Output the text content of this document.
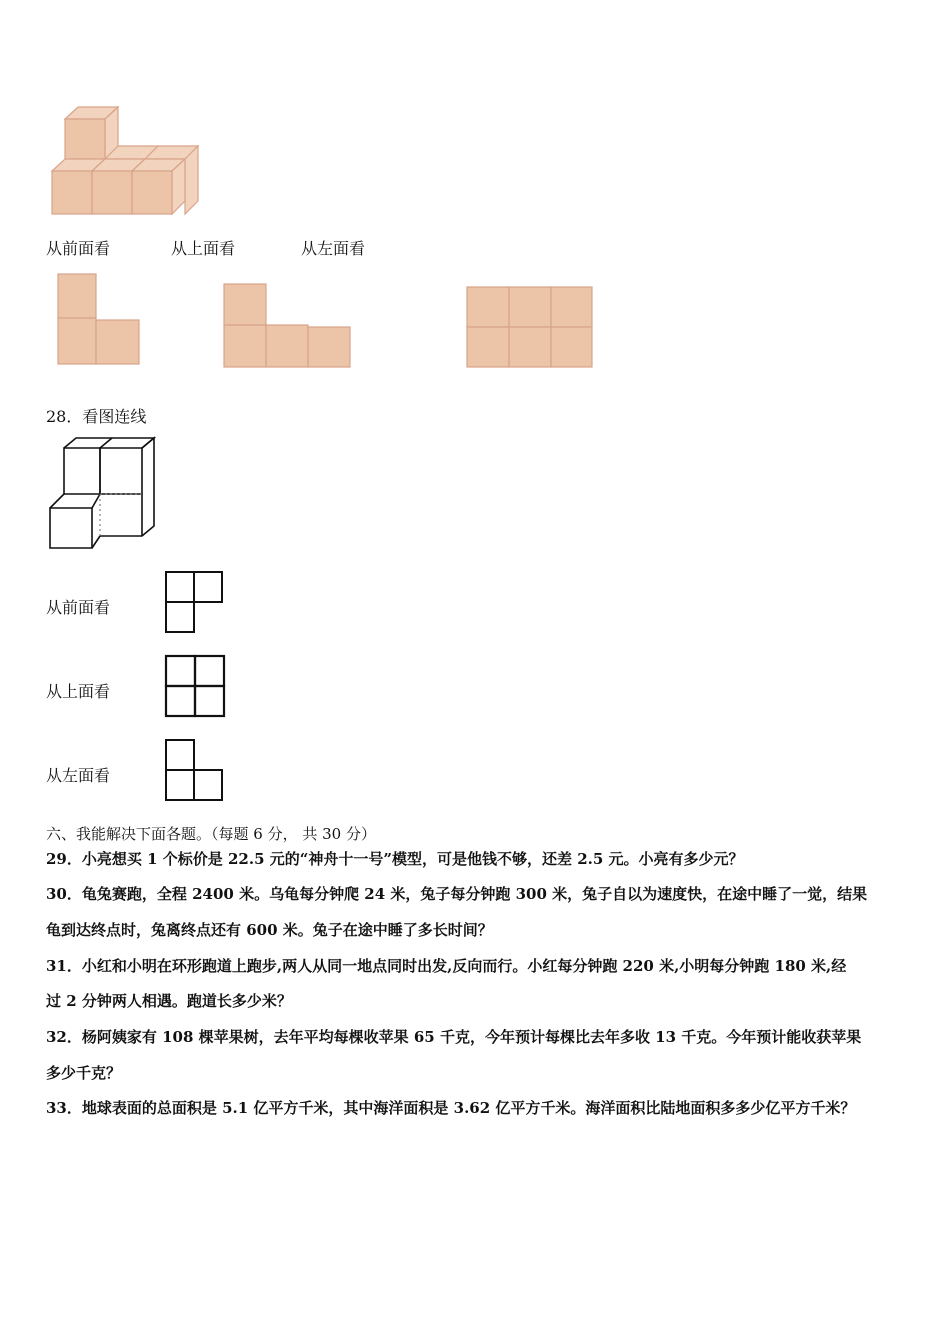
从前面看	从上面看	从左面看
28．看图连线
从前面看
从上面看
从左面看
六、我能解决下面各题。（每题 6 分， 共 30 分）
29．小亮想买 1 个标价是 22.5 元的“神舟十一号”模型，可是他钱不够，还差 2.5 元。小亮有多少元？
30．龟兔赛跑，全程 2400 米。乌龟每分钟爬 24 米，兔子每分钟跑 300 米，兔子自以为速度快，在途中睡了一觉，结果
龟到达终点时，兔离终点还有 600 米。兔子在途中睡了多长时间？
31．小红和小明在环形跑道上跑步,两人从同一地点同时出发,反向而行。小红每分钟跑 220 米,小明每分钟跑 180 米,经
过 2 分钟两人相遇。跑道长多少米？
32．杨阿姨家有 108 棵苹果树，去年平均每棵收苹果 65 千克，今年预计每棵比去年多收 13 千克。今年预计能收获苹果
多少千克？
33．地球表面的总面积是 5.1 亿平方千米，其中海洋面积是 3.62 亿平方千米。海洋面积比陆地面积多多少亿平方千米？
